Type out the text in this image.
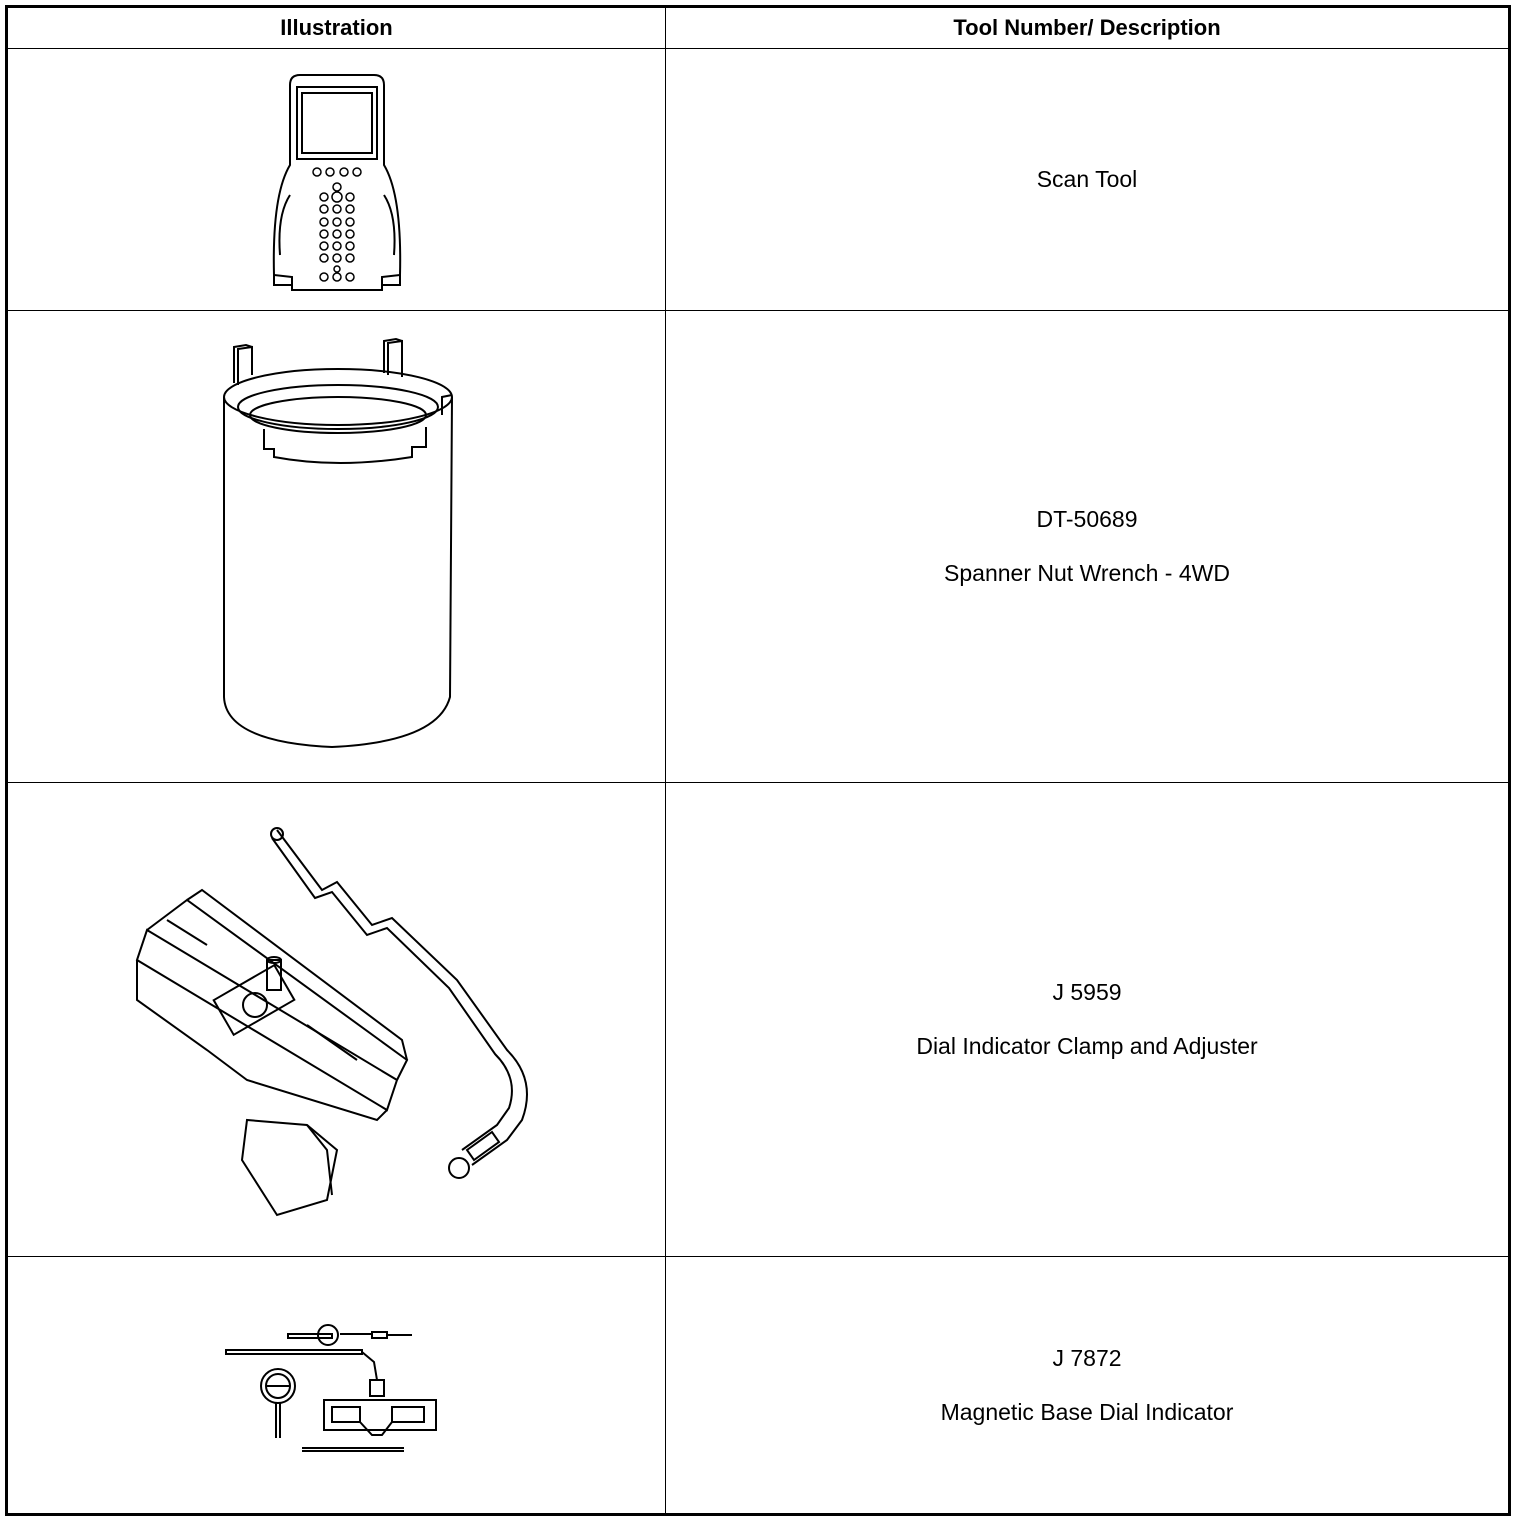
Illustration	Tool Number/ Description

Scan Tool

DT-50689
Spanner Nut Wrench - 4WD

J 5959
Dial Indicator Clamp and Adjuster

J 7872
Magnetic Base Dial Indicator
